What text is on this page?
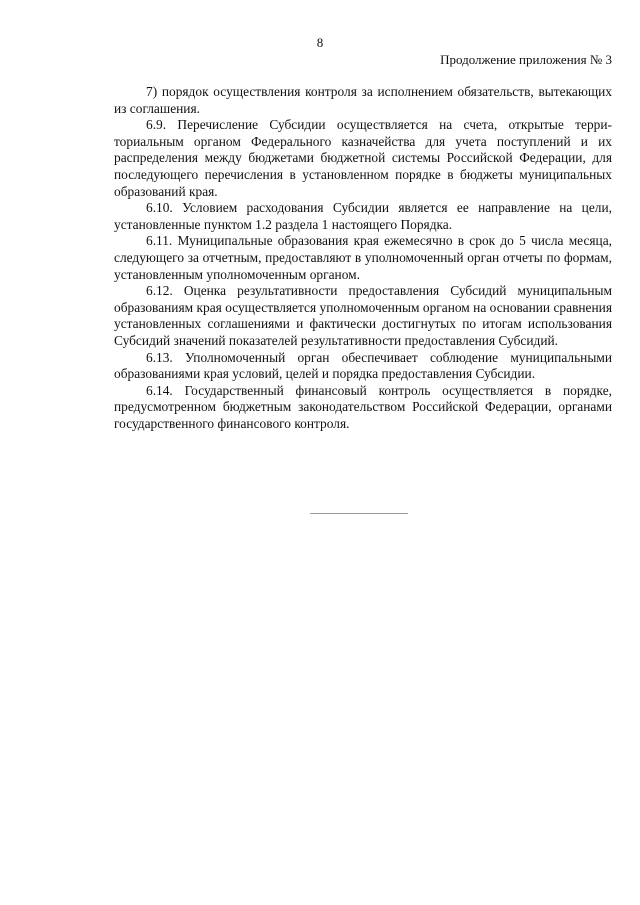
8
Продолжение приложения № 3

7) порядок осуществления контроля за исполнением обязательств, вытекающих из соглашения.

6.9. Перечисление Субсидии осуществляется на счета, открытые территориальным органом Федерального казначейства для учета поступлений и их распределения между бюджетами бюджетной системы Российской Федерации, для последующего перечисления в установленном порядке в бюджеты муниципальных образований края.

6.10. Условием расходования Субсидии является ее направление на цели, установленные пунктом 1.2 раздела 1 настоящего Порядка.

6.11. Муниципальные образования края ежемесячно в срок до 5 числа месяца, следующего за отчетным, предоставляют в уполномоченный орган отчеты по формам, установленным уполномоченным органом.

6.12. Оценка результативности предоставления Субсидий муниципальным образованиям края осуществляется уполномоченным органом на основании сравнения установленных соглашениями и фактически достигнутых по итогам использования Субсидий значений показателей результативности предоставления Субсидий.

6.13. Уполномоченный орган обеспечивает соблюдение муниципальными образованиями края условий, целей и порядка предоставления Субсидии.

6.14. Государственный финансовый контроль осуществляется в порядке, предусмотренном бюджетным законодательством Российской Федерации, органами государственного финансового контроля.
